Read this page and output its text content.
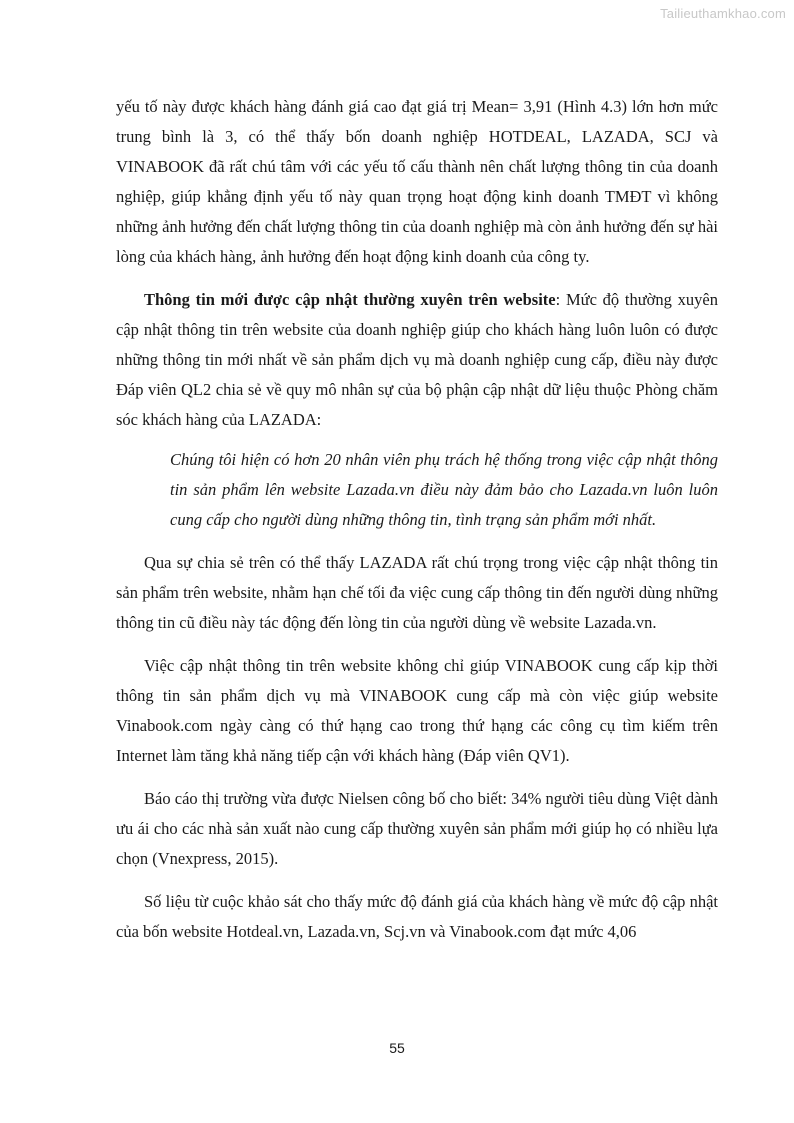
Tailieuthamkhao.com

yếu tố này được khách hàng đánh giá cao đạt giá trị Mean= 3,91 (Hình 4.3) lớn hơn mức trung bình là 3, có thể thấy bốn doanh nghiệp HOTDEAL, LAZADA, SCJ và VINABOOK đã rất chú tâm với các yếu tố cấu thành nên chất lượng thông tin của doanh nghiệp, giúp khẳng định yếu tố này quan trọng hoạt động kinh doanh TMĐT vì không những ảnh hưởng đến chất lượng thông tin của doanh nghiệp mà còn ảnh hưởng đến sự hài lòng của khách hàng, ảnh hưởng đến hoạt động kinh doanh của công ty.

Thông tin mới được cập nhật thường xuyên trên website: Mức độ thường xuyên cập nhật thông tin trên website của doanh nghiệp giúp cho khách hàng luôn luôn có được những thông tin mới nhất về sản phẩm dịch vụ mà doanh nghiệp cung cấp, điều này được Đáp viên QL2 chia sẻ về quy mô nhân sự của bộ phận cập nhật dữ liệu thuộc Phòng chăm sóc khách hàng của LAZADA:

Chúng tôi hiện có hơn 20 nhân viên phụ trách hệ thống trong việc cập nhật thông tin sản phẩm lên website Lazada.vn điều này đảm bảo cho Lazada.vn luôn luôn cung cấp cho người dùng những thông tin, tình trạng sản phẩm mới nhất.

Qua sự chia sẻ trên có thể thấy LAZADA rất chú trọng trong việc cập nhật thông tin sản phẩm trên website, nhằm hạn chế tối đa việc cung cấp thông tin đến người dùng những thông tin cũ điều này tác động đến lòng tin của người dùng về website Lazada.vn.

Việc cập nhật thông tin trên website không chỉ giúp VINABOOK cung cấp kịp thời thông tin sản phẩm dịch vụ mà VINABOOK cung cấp mà còn việc giúp website Vinabook.com ngày càng có thứ hạng cao trong thứ hạng các công cụ tìm kiếm trên Internet làm tăng khả năng tiếp cận với khách hàng (Đáp viên QV1).

Báo cáo thị trường vừa được Nielsen công bố cho biết: 34% người tiêu dùng Việt dành ưu ái cho các nhà sản xuất nào cung cấp thường xuyên sản phẩm mới giúp họ có nhiều lựa chọn (Vnexpress, 2015).

Số liệu từ cuộc khảo sát cho thấy mức độ đánh giá của khách hàng về mức độ cập nhật của bốn website Hotdeal.vn, Lazada.vn, Scj.vn và Vinabook.com đạt mức 4,06

55
